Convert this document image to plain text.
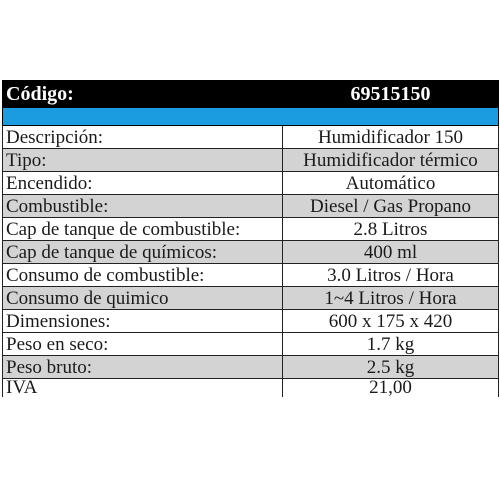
Código:	69515150

Descripción:	Humidificador 150
Tipo:	Humidificador térmico
Encendido:	Automático
Combustible:	Diesel / Gas Propano
Cap de tanque de combustible:	2.8 Litros
Cap de tanque de químicos:	400 ml
Consumo de combustible:	3.0 Litros / Hora
Consumo de quimico	1~4 Litros / Hora
Dimensiones:	600 x 175 x 420
Peso en seco:	1.7 kg
Peso bruto:	2.5 kg
IVA	21,00
